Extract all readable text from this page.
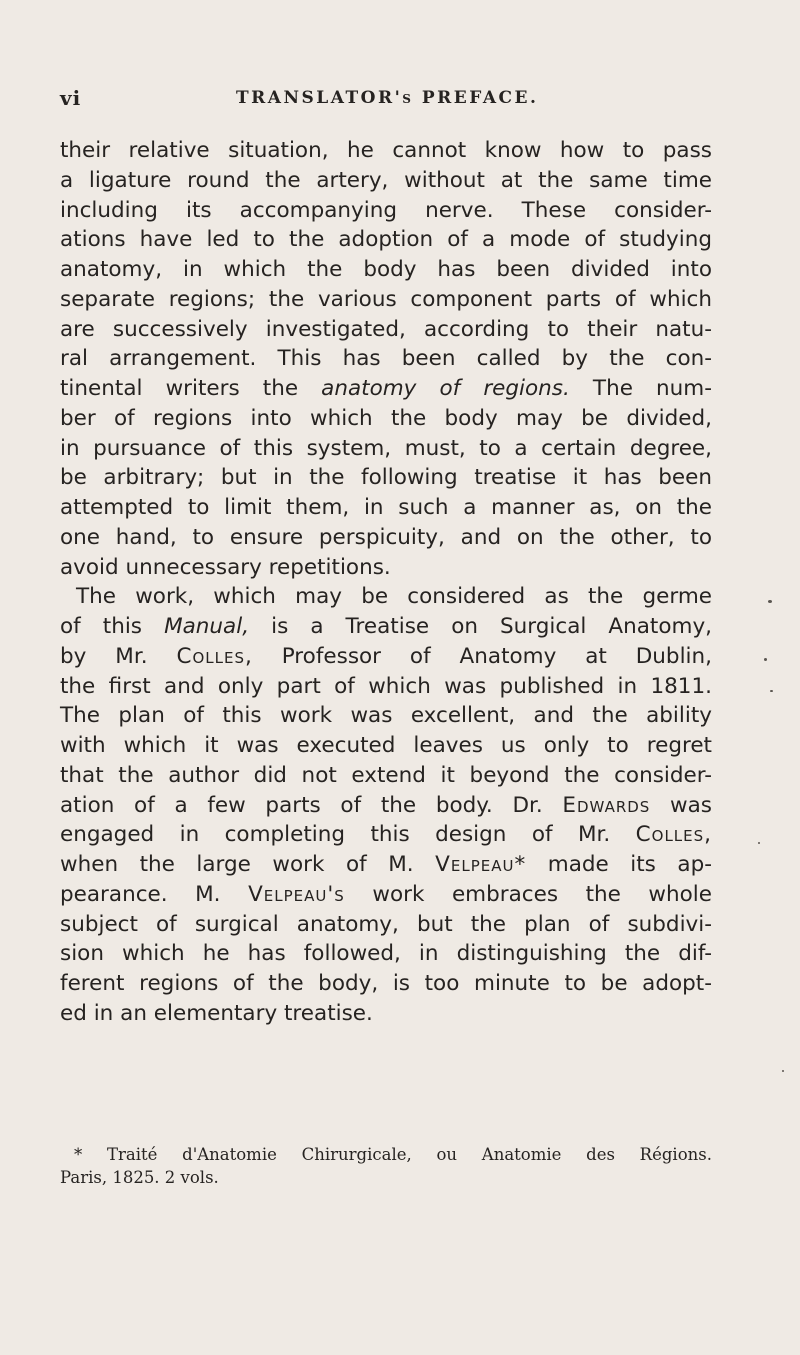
vi	TRANSLATOR's PREFACE.
their relative situation, he cannot know how to pass
a ligature round the artery, without at the same time
including its accompanying nerve. These consider-
ations have led to the adoption of a mode of studying
anatomy, in which the body has been divided into
separate regions; the various component parts of which
are successively investigated, according to their natu-
ral arrangement. This has been called by the con-
tinental writers the anatomy of regions. The num-
ber of regions into which the body may be divided,
in pursuance of this system, must, to a certain degree,
be arbitrary; but in the following treatise it has been
attempted to limit them, in such a manner as, on the
one hand, to ensure perspicuity, and on the other, to
avoid unnecessary repetitions.
The work, which may be considered as the germe
of this Manual, is a Treatise on Surgical Anatomy,
by Mr. Colles, Professor of Anatomy at Dublin,
the first and only part of which was published in 1811.
The plan of this work was excellent, and the ability
with which it was executed leaves us only to regret
that the author did not extend it beyond the consider-
ation of a few parts of the body. Dr. Edwards was
engaged in completing this design of Mr. Colles,
when the large work of M. Velpeau* made its ap-
pearance. M. Velpeau's work embraces the whole
subject of surgical anatomy, but the plan of subdivi-
sion which he has followed, in distinguishing the dif-
ferent regions of the body, is too minute to be adopt-
ed in an elementary treatise.
* Traité d'Anatomie Chirurgicale, ou Anatomie des Régions.
Paris, 1825. 2 vols.
